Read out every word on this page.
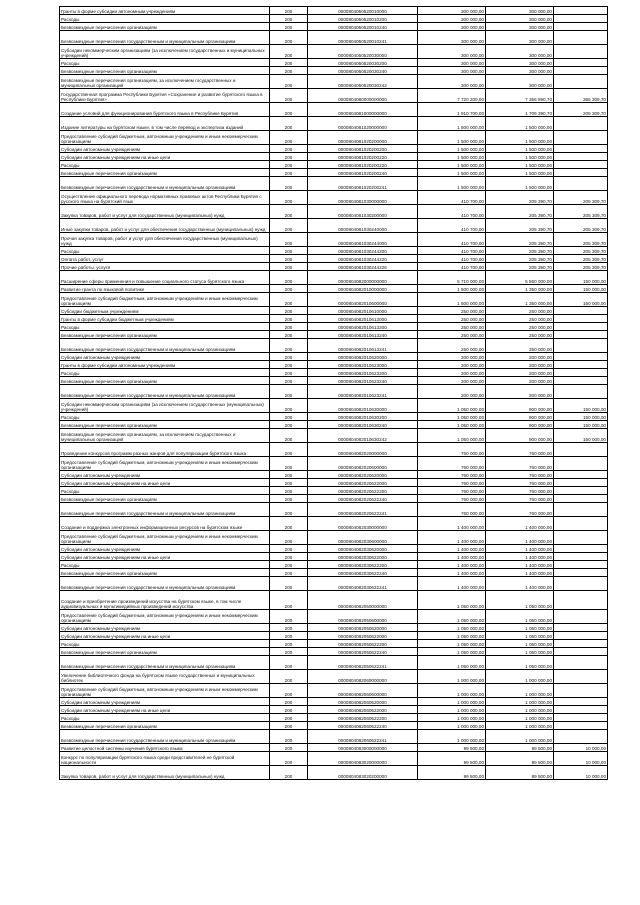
Гранты в форме субсидии автономным учреждениям	200	0000804050520010000	300 000,00	300 000,00	
Расходы	200	0000804050520010200	300 000,00	300 000,00	
Безвозмездные перечисления организациям	200	0000804050520010240	300 000,00	300 000,00	
Безвозмездные перечисления государственным и муниципальным организациям	200	0000804050520010241	300 000,00	300 000,00	
Субсидии некоммерческим организациям (за исключением государственных и муниципальных учреждений)	200	0000804050520030000	300 000,00	300 000,00	
Расходы	200	0000804050520030200	300 000,00	300 000,00	
Безвозмездные перечисления организациям	200	0000804050520030240	300 000,00	300 000,00	
Безвозмездные перечисления организациям, за исключением государственных и муниципальных организаций	200	0000804050520030242	300 000,00	300 000,00	
Государственная программа Республики Бурятия «Сохранение и развитие бурятского языка в Республике Бурятия»	200	0000804080000000000	7 720 200,00	7 356 890,70	365 309,70
Создание условий для функционирования бурятского языка в Республике Бурятия	200	0000804081000000000	1 910 700,00	1 705 390,70	205 309,70
Издание литературы на бурятском языке, в том числе перевод и экспертиза изданий	200	0000804081020000000	1 500 000,00	1 500 000,00	
Предоставление субсидий бюджетным, автономным учреждениям и иным некоммерческим организациям	200	0000804081020200000	1 500 000,00	1 500 000,00	
Субсидии автономным учреждениям	200	0000804081020200200	1 500 000,00	1 500 000,00	
Субсидии автономным учреждениям на иные цели	200	0000804081020200220	1 500 000,00	1 500 000,00	
Расходы	200	0000804081020200220	1 500 000,00	1 500 000,00	
Безвозмездные перечисления организациям	200	0000804081020200240	1 500 000,00	1 500 000,00	
Безвозмездные перечисления государственным и муниципальным организациям	200	0000804081020200241	1 500 000,00	1 500 000,00	
Осуществление официального перевода нормативных правовых актов Республики Бурятия с русского языка на бурятский язык	200	0000804081030000000	410 700,00	205 390,70	205 309,70
Закупка товаров, работ и услуг для государственных (муниципальных) нужд	200	0000804081030200000	410 700,00	205 390,70	205 309,70
Иные закупки товаров, работ и услуг для обеспечения государственных (муниципальных) нужд	200	0000804081030240000	410 700,00	205 390,70	205 309,70
Прочая закупка товаров, работ и услуг для обеспечения государственных (муниципальных) нужд	200	0000804081030244000	410 700,00	205 390,70	205 309,70
Расходы	200	0000804081030244200	410 700,00	205 390,70	205 309,70
Оплата работ, услуг	200	0000804081030244220	410 700,00	205 390,70	205 309,70
Прочие работы, услуги	200	0000804081030244226	410 700,00	205 390,70	205 309,70
Расширение сферы применения и повышение социального статуса бурятского языка	200	0000804082000000000	5 710 000,00	5 560 000,00	150 000,00
Развитие гранта по языковой политике	200	0000804082010000000	1 500 000,00	1 350 000,00	150 000,00
Предоставление субсидий бюджетным, автономным учреждениям и иным некоммерческим организациям	200	0000804082010600000	1 500 000,00	1 350 000,00	150 000,00
Субсидии бюджетным учреждениям	200	0000804082010610000	250 000,00	250 000,00	
Гранты в форме субсидии бюджетным учреждениям	200	0000804082010613000	250 000,00	250 000,00	
Расходы	200	0000804082010613200	250 000,00	250 000,00	
Безвозмездные перечисления организациям	200	0000804082010613240	250 000,00	250 000,00	
Безвозмездные перечисления государственным и муниципальным организациям	200	0000804082010613241	250 000,00	250 000,00	
Субсидии автономным учреждениям	200	0000804082010620000	200 000,00	200 000,00	
Гранты в форме субсидии автономным учреждениям	200	0000804082010623000	200 000,00	200 000,00	
Расходы	200	0000804082010623200	200 000,00	200 000,00	
Безвозмездные перечисления организациям	200	0000804082010623240	200 000,00	200 000,00	
Безвозмездные перечисления государственным и муниципальным организациям	200	0000804082010623241	200 000,00	200 000,00	
Субсидии некоммерческим организациям (за исключением государственных (муниципальных) учреждений)	200	0000804082010630000	1 050 000,00	900 000,00	150 000,00
Расходы	200	0000804082010630200	1 050 000,00	900 000,00	150 000,00
Безвозмездные перечисления организациям	200	0000804082010630240	1 050 000,00	900 000,00	150 000,00
Безвозмездные перечисления организациям, за исключением государственных и муниципальных организаций	200	0000804082010630242	1 050 000,00	900 000,00	150 000,00
Проведение конкурсов программ разных жанров для популяризации бурятского языка	200	0000804082020000000	760 000,00	760 000,00	
Предоставление субсидий бюджетным, автономным учреждениям и иным некоммерческим организациям	200	0000804082020600000	760 000,00	760 000,00	
Субсидии автономным учреждениям	200	0000804082020620000	760 000,00	760 000,00	
Субсидии автономным учреждениям на иные цели	200	0000804082020622000	760 000,00	760 000,00	
Расходы	200	0000804082020622200	760 000,00	760 000,00	
Безвозмездные перечисления организациям	200	0000804082020622240	760 000,00	760 000,00	
Безвозмездные перечисления государственным и муниципальным организациям	200	0000804082020622241	760 000,00	760 000,00	
Создание и поддержка электронных информационных ресурсов на бурятском языке	200	0000804082030000000	1 400 000,00	1 400 000,00	
Предоставление субсидий бюджетным, автономным учреждениям и иным некоммерческим организациям	200	0000804082030600000	1 400 000,00	1 400 000,00	
Субсидии автономным учреждениям	200	0000804082030620000	1 400 000,00	1 400 000,00	
Субсидии автономным учреждениям на иные цели	200	0000804082030622000	1 400 000,00	1 400 000,00	
Расходы	200	0000804082030622200	1 400 000,00	1 400 000,00	
Безвозмездные перечисления организациям	200	0000804082030622240	1 400 000,00	1 400 000,00	
Безвозмездные перечисления государственным и муниципальным организациям	200	0000804082030622241	1 400 000,00	1 400 000,00	
Создание и приобретение произведений искусства на бурятском языке, в том числе аудиовизуальных и мультимедийных произведений искусства	200	0000804082050000000	1 050 000,00	1 050 000,00	
Предоставление субсидий бюджетным, автономным учреждениям и иным некоммерческим организациям	200	0000804082050600000	1 050 000,00	1 050 000,00	
Субсидии автономным учреждениям	200	0000804082050620000	1 050 000,00	1 050 000,00	
Субсидии автономным учреждениям на иные цели	200	0000804082050622000	1 050 000,00	1 050 000,00	
Расходы	200	0000804082050622200	1 050 000,00	1 050 000,00	
Безвозмездные перечисления организациям	200	0000804082050622240	1 050 000,00	1 050 000,00	
Безвозмездные перечисления государственным и муниципальным организациям	200	0000804082050622241	1 050 000,00	1 050 000,00	
Увеличение библиотечного фонда на бурятском языке государственных и муниципальных библиотек	200	0000804082060000000	1 000 000,00	1 000 000,00	
Предоставление субсидий бюджетным, автономным учреждениям и иным некоммерческим организациям	200	0000804082060600000	1 000 000,00	1 000 000,00	
Субсидии автономным учреждениям	200	0000804082060620000	1 000 000,00	1 000 000,00	
Субсидии автономным учреждениям на иные цели	200	0000804082060622000	1 000 000,00	1 000 000,00	
Расходы	200	0000804082060622200	1 000 000,00	1 000 000,00	
Безвозмездные перечисления организациям	200	0000804082060622240	1 000 000,00	1 000 000,00	
Безвозмездные перечисления государственным и муниципальным организациям	200	0000804082060622241	1 000 000,00	1 000 000,00	
Развитие целостной системы изучения бурятского языка	200	0000804083000000000	99 500,00	89 500,00	10 000,00
Конкурс по популяризации бурятского языка среди представителей не бурятской национальности	200	0000804083020000000	99 500,00	89 500,00	10 000,00
Закупка товаров, работ и услуг для государственных (муниципальных) нужд	200	0000804083020200000	99 500,00	89 500,00	10 000,00
